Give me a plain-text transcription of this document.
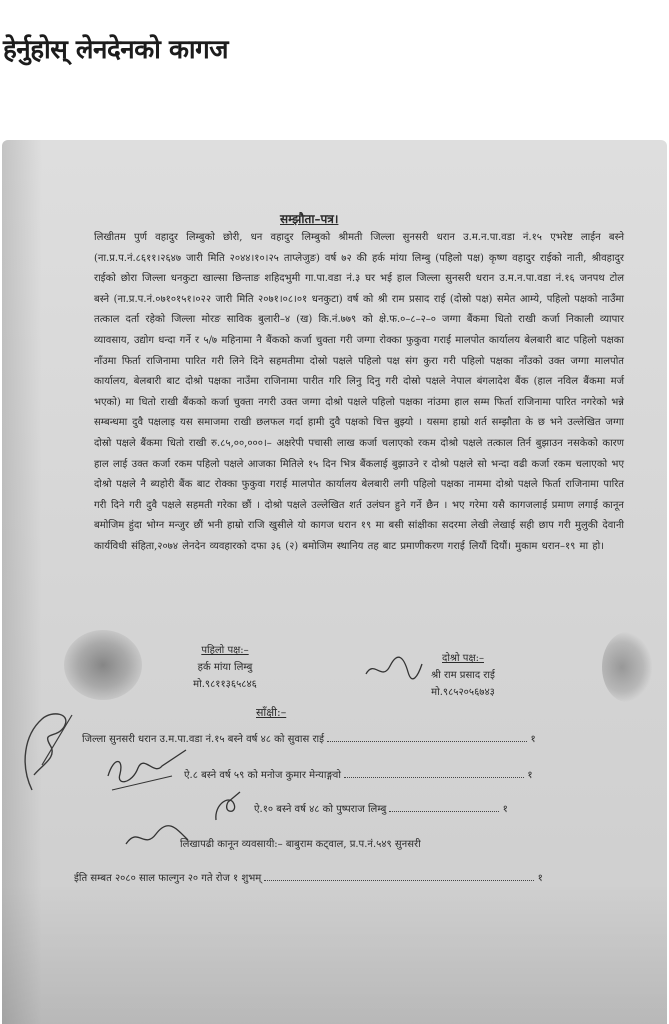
हेर्नुहोस् लेनदेनको कागज
सम्झौता–पत्र।
लिखीतम पुर्ण वहादुर लिम्बुको छोरी, धन वहादुर लिम्बुको श्रीमती जिल्ला सुनसरी धरान उ.म.न.पा.वडा नं.१५ एभरेष्ट लाईन बस्ने (ना.प्र.प.नं.८६११।२६४७ जारी मिति २०४४।१०।२५ ताप्लेजुङ) वर्ष ७२ की हर्क मांया लिम्बु (पहिलो पक्ष) कृष्ण वहादुर राईको नाती, श्रीवहादुर राईको छोरा जिल्ला धनकुटा खाल्सा छिन्ताङ शहिदभुमी गा.पा.वडा नं.३ घर भई हाल जिल्ला सुनसरी धरान उ.म.न.पा.वडा नं.१६ जनपथ टोल बस्ने (ना.प्र.प.नं.०७१०१५१।०२२ जारी मिति २०७१।०८।०१ धनकुटा) वर्ष को श्री राम प्रसाद राई (दोस्रो पक्ष) समेत आम्ये, पहिलो पक्षको नाउँमा तत्काल दर्ता रहेको जिल्ला मोरङ साविक बुलारी–४ (ख) कि.नं.७७९ को क्षे.फ.०–८–२–० जग्गा बैंकमा धितो राखी कर्जा निकाली व्यापार व्यावसाय, उद्योग धन्दा गर्ने र ५/७ महिनामा नै बैंकको कर्जा चुक्ता गरी जग्गा रोक्का फुकुवा गराई मालपोत कार्यालय बेलबारी बाट पहिलो पक्षका नाँउमा फिर्ता राजिनामा पारित गरी लिने दिने सहमतीमा दोस्रो पक्षले पहिलो पक्ष संग कुरा गरी पहिलो पक्षका नाँउको उक्त जग्गा मालपोत कार्यालय, बेलबारी बाट दोश्रो पक्षका नाउँमा राजिनामा पारीत गरि लिनु दिनु गरी दोस्रो पक्षले नेपाल बंगलादेश बैंक (हाल नविल बैंकमा मर्ज भएको) मा धितो राखी बैंकको कर्जा चुक्ता नगरी उक्त जग्गा दोश्रो पक्षले पहिलो पक्षका नांउमा हाल सम्म फिर्ता राजिनामा पारित नगरेको भन्ने सम्बन्धमा दुवै पक्षलाइ यस समाजमा राखी छलफल गर्दा हामी दुवै पक्षको चित्त बुझ्यो । यसमा हाम्रो शर्त सम्झौता के छ भने उल्लेखित जग्गा दोस्रो पक्षले बैंकमा धितो राखी रु.८५,००,०००।– अक्षरेपी पचासी लाख कर्जा चलाएको रकम दोश्रो पक्षले तत्काल तिर्न बुझाउन नसकेको कारण हाल लाई उक्त कर्जा रकम पहिलो पक्षले आजका मितिले १५ दिन भित्र बैंकलाई बुझाउने र दोश्रो पक्षले सो भन्दा वढी कर्जा रकम चलाएको भए दोश्रो पक्षले नै ब्यहोरी बैंक बाट रोक्का फुकुवा गराई मालपोत कार्यालय बेलबारी लगी पहिलो पक्षका नाममा दोश्रो पक्षले फिर्ता राजिनामा पारित गरी दिने गरी दुवै पक्षले सहमती गरेका छौं । दोश्रो पक्षले उल्लेखित शर्त उलंघन हुने गर्ने छैन । भए गरेमा यसै कागजलाई प्रमाण लगाई कानून बमोजिम हुंदा भोग्न मन्जुर छौं भनी हाम्रो राजि खुसीले यो कागज धरान १९ मा बसी सांक्षीका सदरमा लेखी लेखाई सही छाप गरी मुलुकी देवानी कार्यविधी संहिता,२०७४ लेनदेन व्यवहारको दफा ३६ (२) बमोजिम स्थानिय तह बाट प्रमाणीकरण गराई लियौं दियौं। मुकाम धरान–१९ मा हो।
पहिलो पक्ष:–
हर्क मांया लिम्बु
मो.९८११३६५८४६
दोश्रो पक्ष:–
श्री राम प्रसाद राई
मो.९८५२०५६७४३
साँक्षी:–
जिल्ला सुनसरी धरान उ.म.पा.वडा नं.१५ बस्ने वर्ष ४८ को सुवास राई	१
ऐ.८ बस्ने वर्ष ५९ को मनोज कुमार मेन्याङ्गवो	१
ऐ.१० बस्ने वर्ष ४८ को पुष्पराज लिम्बु	१
लिखापढी कानून व्यवसायी:– बाबुराम कट्वाल, प्र.प.नं.५४९ सुनसरी
ईति सम्बत २०८० साल फाल्गुन २० गते रोज १ शुभम्	१
